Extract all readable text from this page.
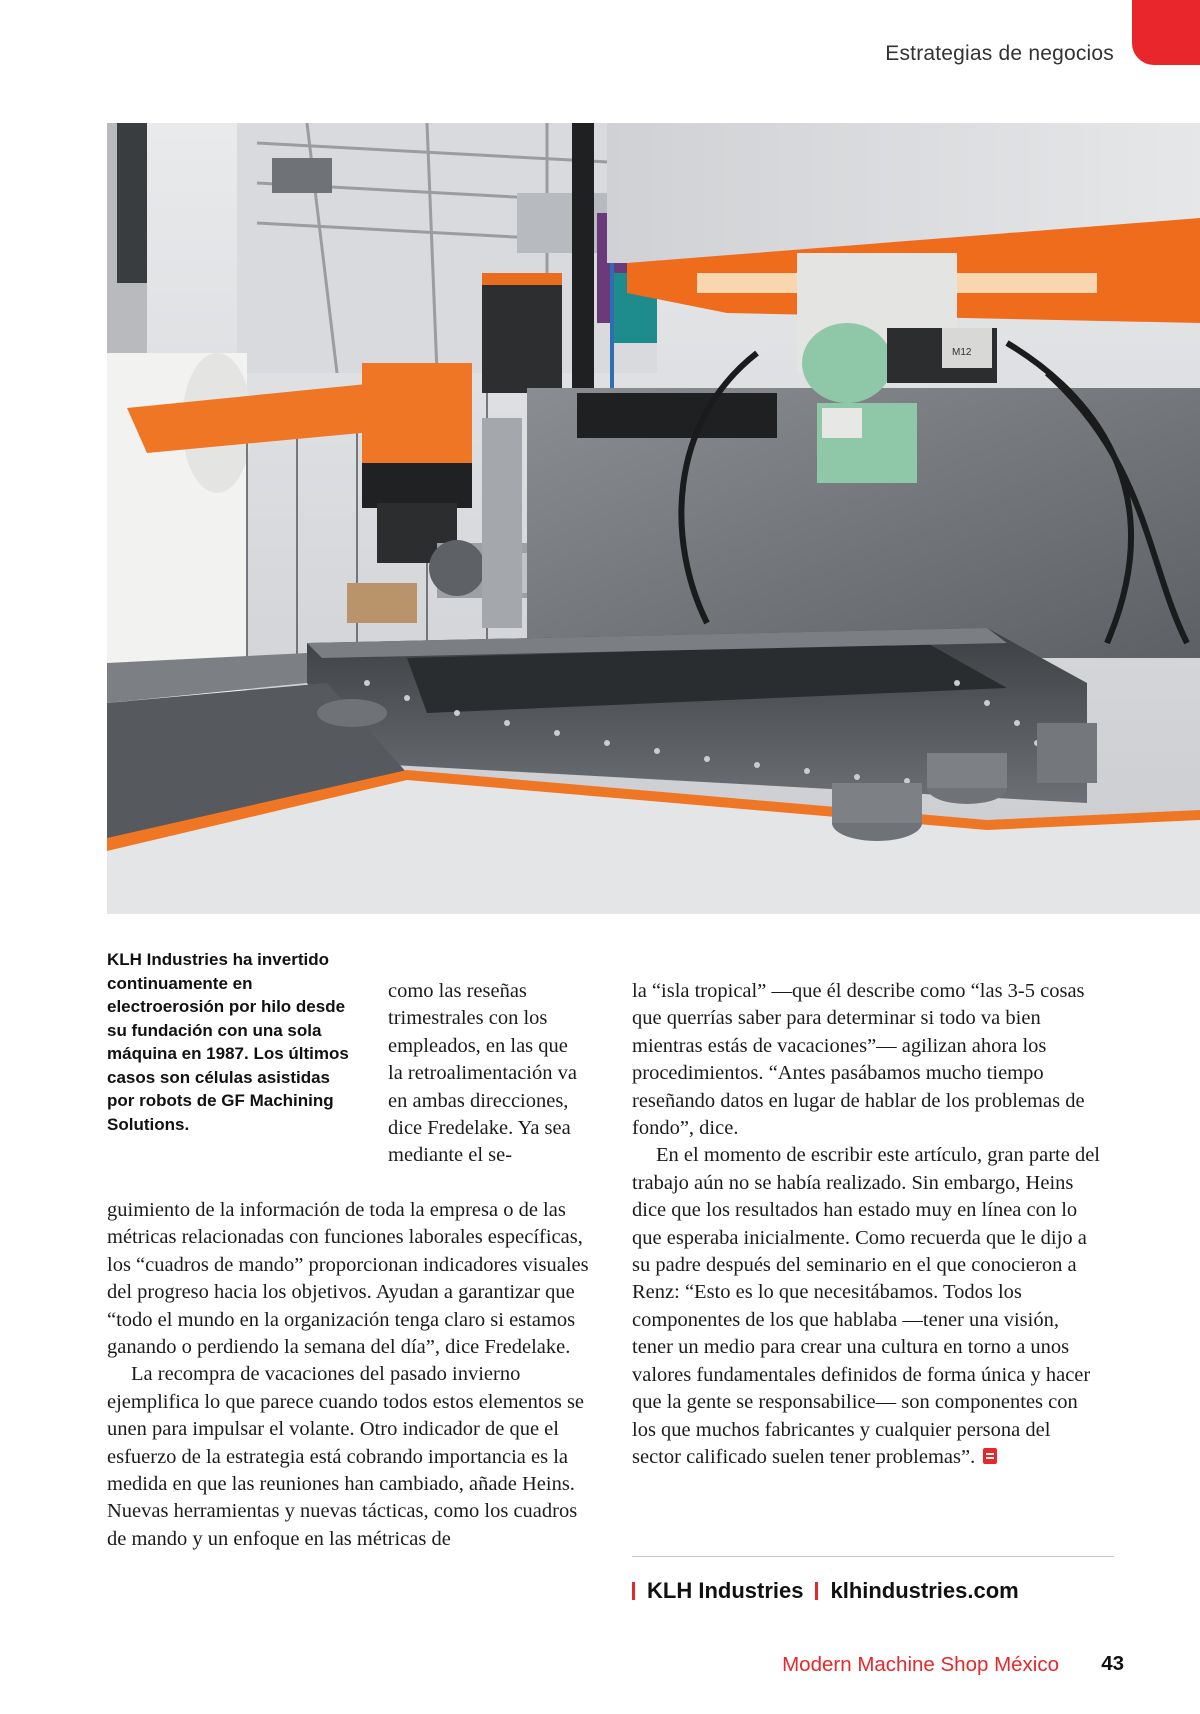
Estrategias de negocios
M12
KLH Industries ha invertido continuamente en electroerosión por hilo desde su fundación con una sola máquina en 1987. Los últimos casos son células asistidas por robots de GF Machining Solutions.

como las reseñas trimestrales con los empleados, en las que la retroalimentación va en ambas direcciones, dice Fredelake. Ya sea mediante el se-

guimiento de la información de toda la empresa o de las métricas relacionadas con funciones laborales específicas, los “cuadros de mando” proporcionan indicadores visuales del progreso hacia los objetivos. Ayudan a garantizar que “todo el mundo en la organización tenga claro si estamos ganando o perdiendo la semana del día”, dice Fredelake.

La recompra de vacaciones del pasado invierno ejemplifica lo que parece cuando todos estos elementos se unen para impulsar el volante. Otro indicador de que el esfuerzo de la estrategia está cobrando importancia es la medida en que las reuniones han cambiado, añade Heins. Nuevas herramientas y nuevas tácticas, como los cuadros de mando y un enfoque en las métricas de

la “isla tropical” —que él describe como “las 3-5 cosas que querrías saber para determinar si todo va bien mientras estás de vacaciones”— agilizan ahora los procedimientos. “Antes pasábamos mucho tiempo reseñando datos en lugar de hablar de los problemas de fondo”, dice.

En el momento de escribir este artículo, gran parte del trabajo aún no se había realizado. Sin embargo, Heins dice que los resultados han estado muy en línea con lo que esperaba inicialmente. Como recuerda que le dijo a su padre después del seminario en el que conocieron a Renz: “Esto es lo que necesitábamos. Todos los componentes de los que hablaba —tener una visión, tener un medio para crear una cultura en torno a unos valores fundamentales definidos de forma única y hacer que la gente se responsabilice— son componentes con los que muchos fabricantes y cualquier persona del sector calificado suelen tener problemas”.

KLH Industries klhindustries.com
Modern Machine Shop México 43
